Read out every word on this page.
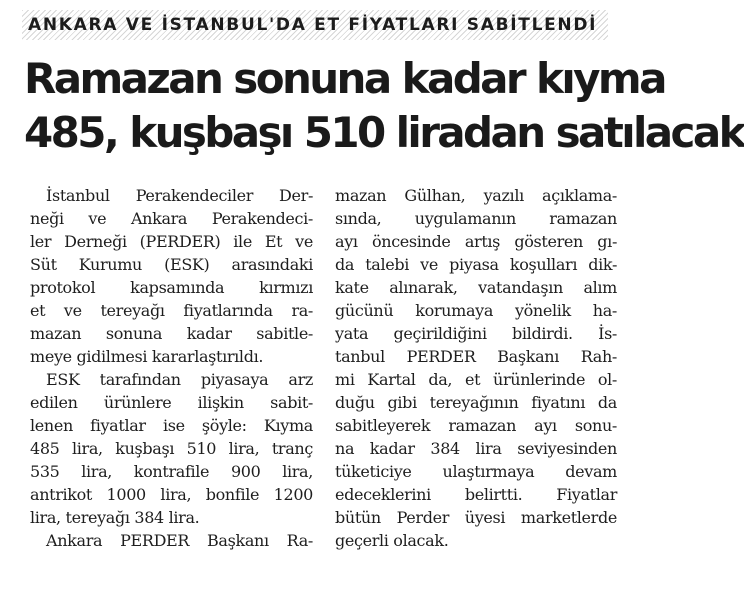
ANKARA VE İSTANBUL'DA ET FİYATLARI SABİTLENDİ
Ramazan sonuna kadar kıyma
485, kuşbaşı 510 liradan satılacak
İstanbul Perakendeciler Der-
neği ve Ankara Perakendeci-
ler Derneği (PERDER) ile Et ve
Süt Kurumu (ESK) arasındaki
protokol kapsamında kırmızı
et ve tereyağı fiyatlarında ra-
mazan sonuna kadar sabitle-
meye gidilmesi kararlaştırıldı.
ESK tarafından piyasaya arz
edilen ürünlere ilişkin sabit-
lenen fiyatlar ise şöyle: Kıyma
485 lira, kuşbaşı 510 lira, tranç
535 lira, kontrafile 900 lira,
antrikot 1000 lira, bonfile 1200
lira, tereyağı 384 lira.
Ankara PERDER Başkanı Ra-
mazan Gülhan, yazılı açıklama-
sında, uygulamanın ramazan
ayı öncesinde artış gösteren gı-
da talebi ve piyasa koşulları dik-
kate alınarak, vatandaşın alım
gücünü korumaya yönelik ha-
yata geçirildiğini bildirdi. İs-
tanbul PERDER Başkanı Rah-
mi Kartal da, et ürünlerinde ol-
duğu gibi tereyağının fiyatını da
sabitleyerek ramazan ayı sonu-
na kadar 384 lira seviyesinden
tüketiciye ulaştırmaya devam
edeceklerini belirtti. Fiyatlar
bütün Perder üyesi marketlerde
geçerli olacak.
